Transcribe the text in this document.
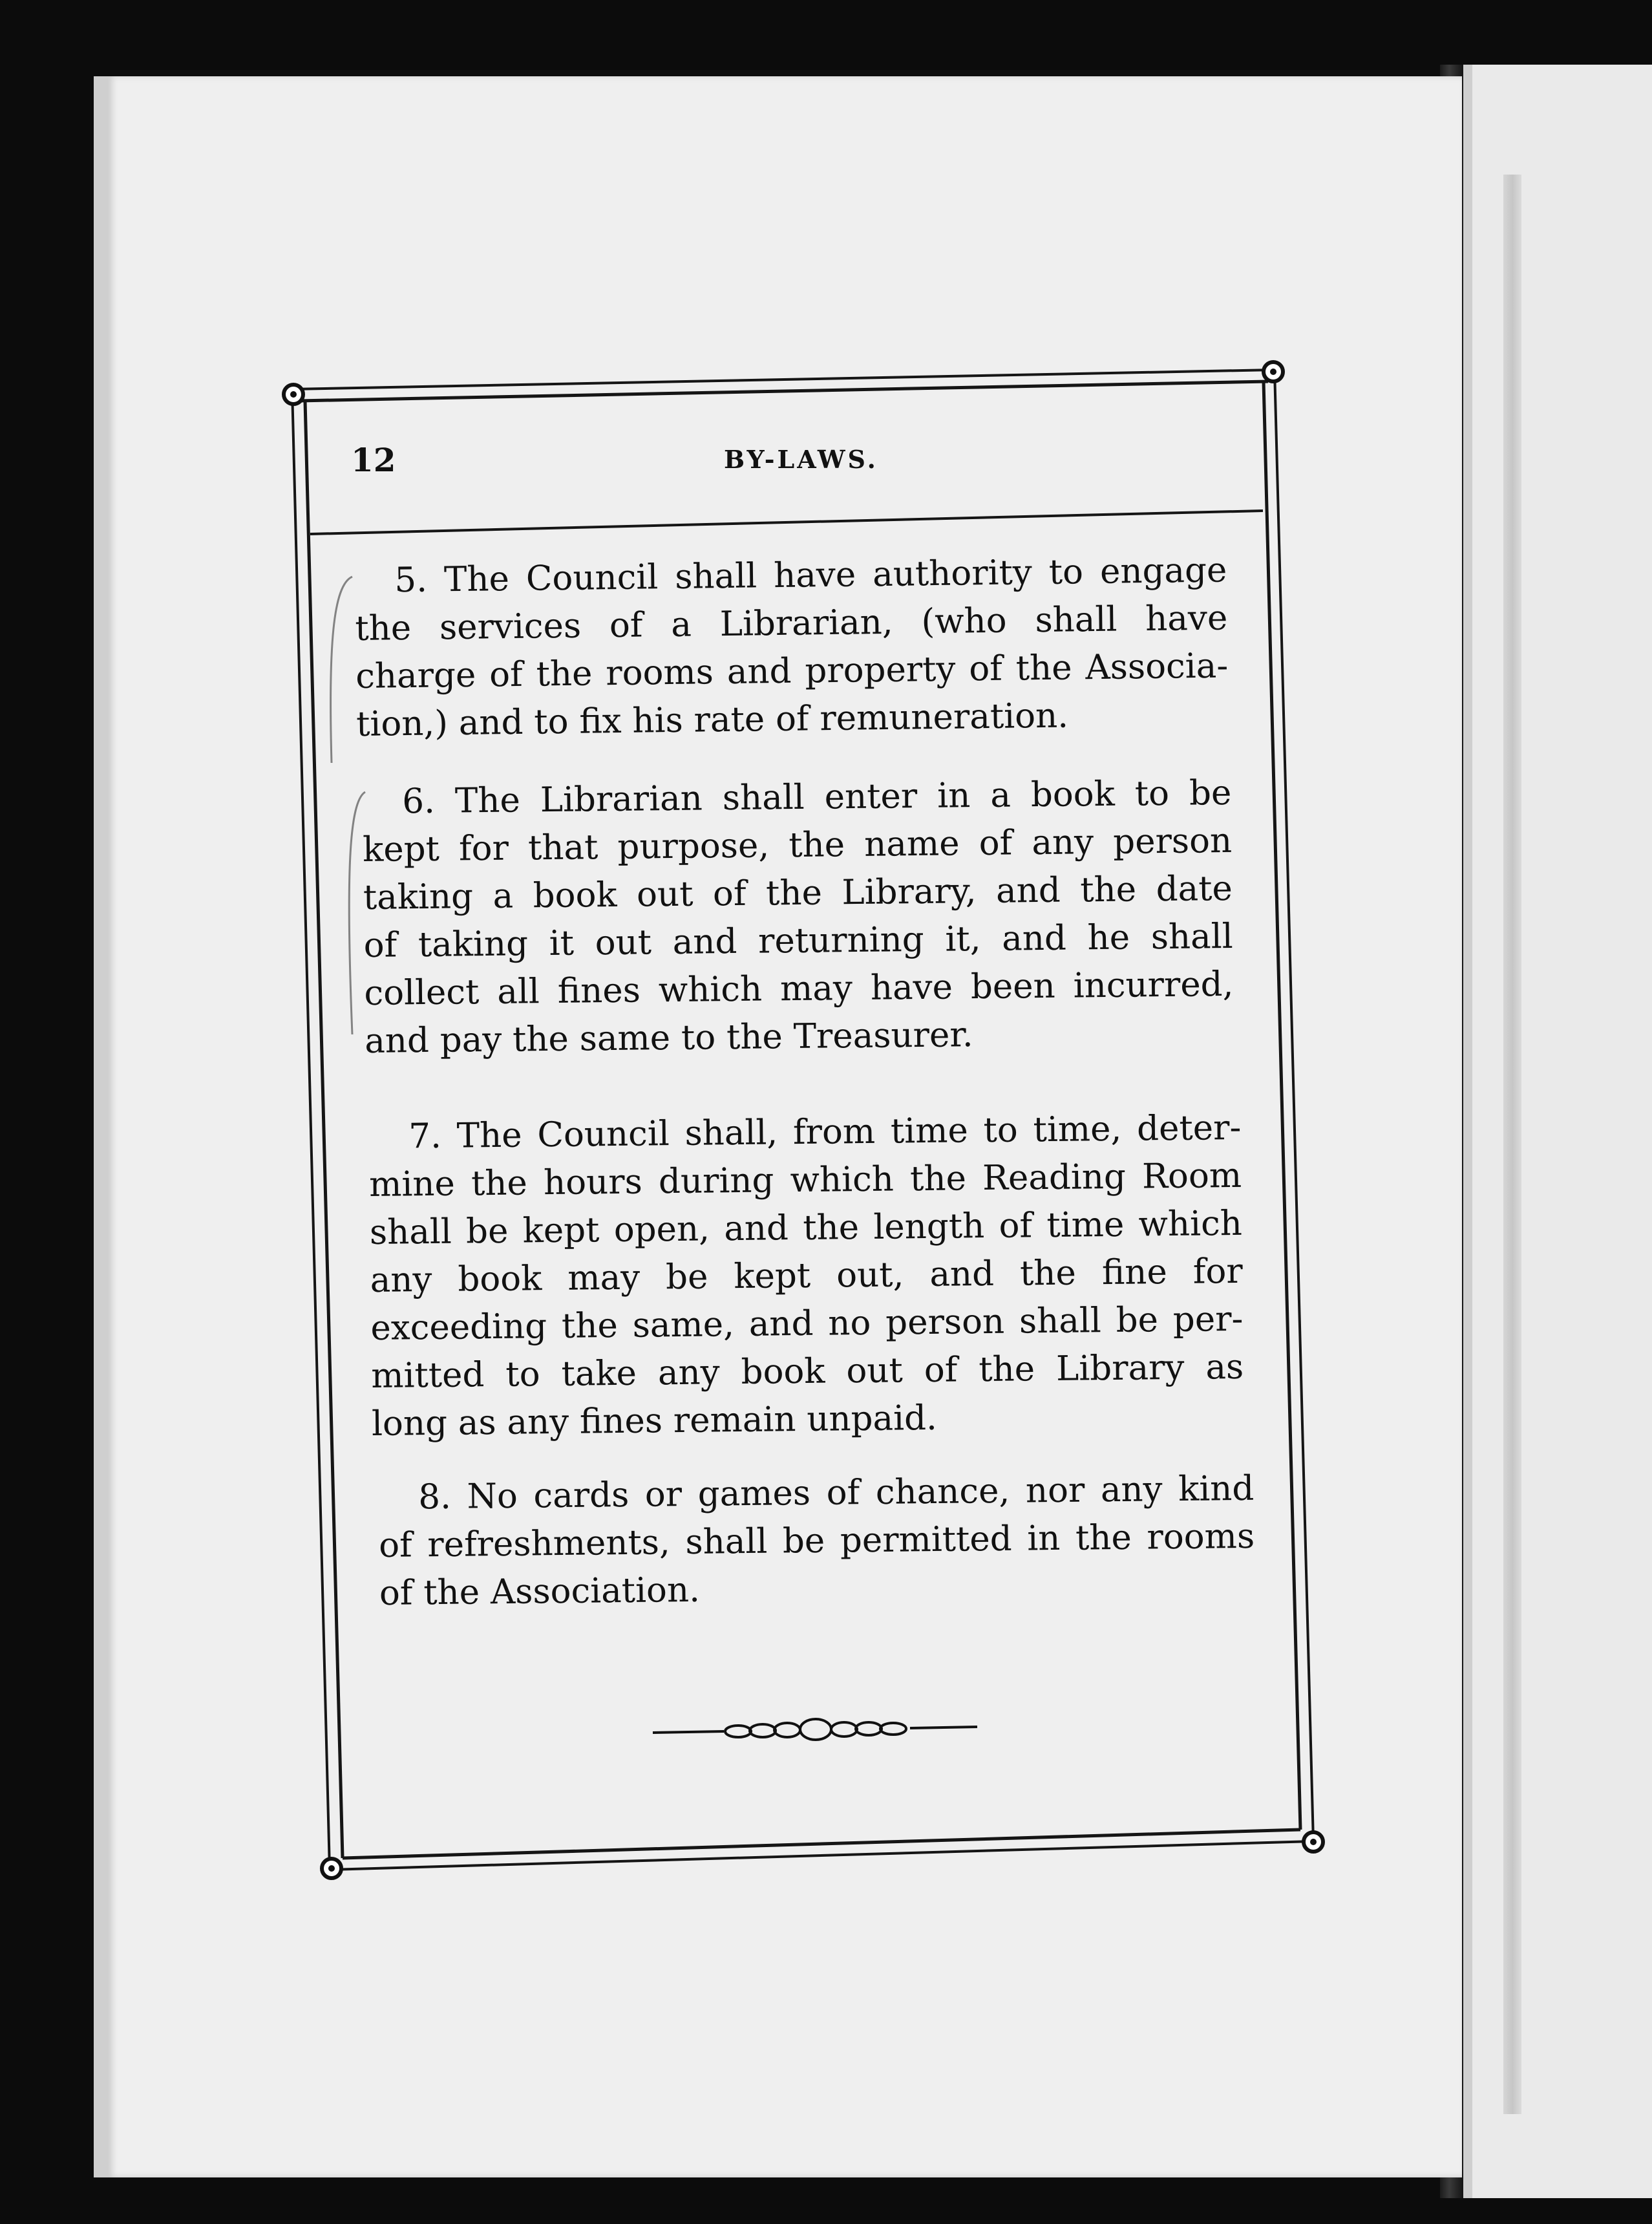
12	BY-LAWS.
5. The Council shall have authority to engage
the services of a Librarian, (who shall have
charge of the rooms and property of the Associa-
tion,) and to fix his rate of remuneration.
6. The Librarian shall enter in a book to be
kept for that purpose, the name of any person
taking a book out of the Library, and the date
of taking it out and returning it, and he shall
collect all fines which may have been incurred,
and pay the same to the Treasurer.
7. The Council shall, from time to time, deter-
mine the hours during which the Reading Room
shall be kept open, and the length of time which
any book may be kept out, and the fine for
exceeding the same, and no person shall be per-
mitted to take any book out of the Library as
long as any fines remain unpaid.
8. No cards or games of chance, nor any kind
of refreshments, shall be permitted in the rooms
of the Association.
